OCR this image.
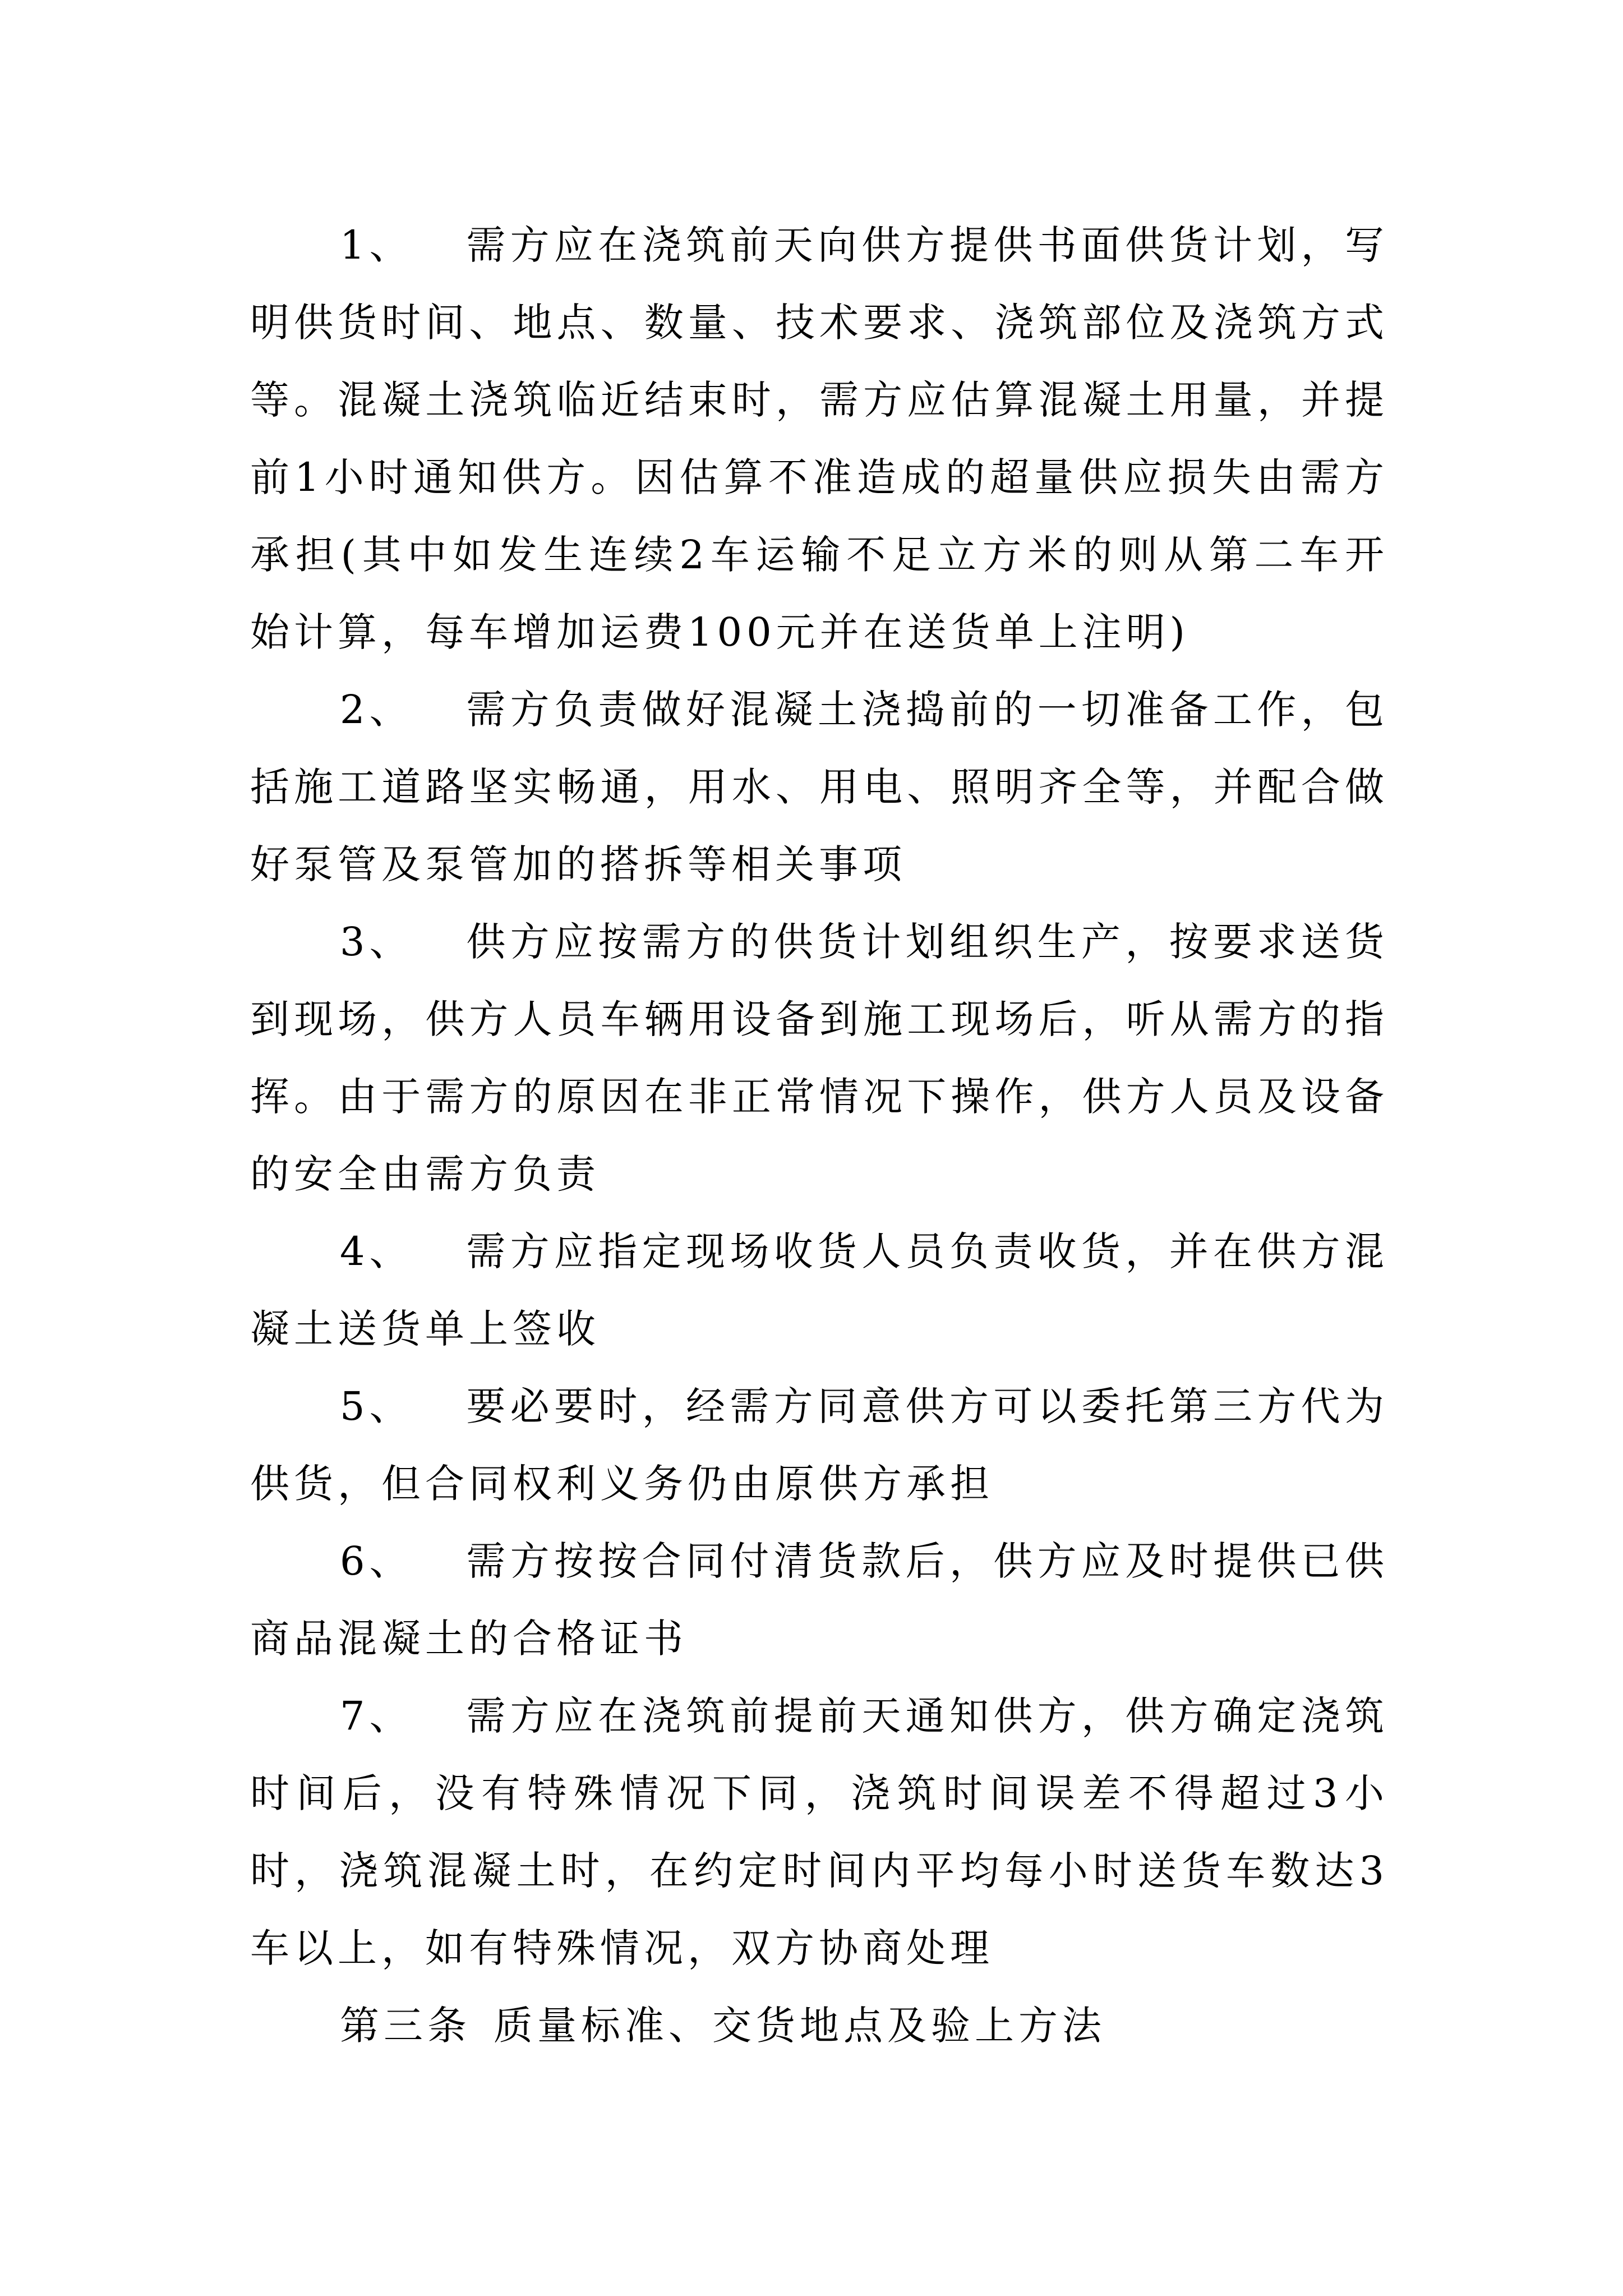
1、 需方应在浇筑前天向供方提供书面供货计划，写明供货时间、地点、数量、技术要求、浇筑部位及浇筑方式等。混凝土浇筑临近结束时，需方应估算混凝土用量，并提前1小时通知供方。因估算不准造成的超量供应损失由需方承担(其中如发生连续2车运输不足立方米的则从第二车开始计算，每车增加运费100元并在送货单上注明)

2、 需方负责做好混凝土浇捣前的一切准备工作，包括施工道路坚实畅通，用水、用电、照明齐全等，并配合做好泵管及泵管加的搭拆等相关事项

3、 供方应按需方的供货计划组织生产，按要求送货到现场，供方人员车辆用设备到施工现场后，听从需方的指挥。由于需方的原因在非正常情况下操作，供方人员及设备的安全由需方负责

4、 需方应指定现场收货人员负责收货，并在供方混凝土送货单上签收

5、 要必要时，经需方同意供方可以委托第三方代为供货，但合同权利义务仍由原供方承担

6、 需方按按合同付清货款后，供方应及时提供已供商品混凝土的合格证书

7、 需方应在浇筑前提前天通知供方，供方确定浇筑时间后，没有特殊情况下同，浇筑时间误差不得超过3小时，浇筑混凝土时，在约定时间内平均每小时送货车数达3车以上，如有特殊情况，双方协商处理

第三条 质量标准、交货地点及验上方法
